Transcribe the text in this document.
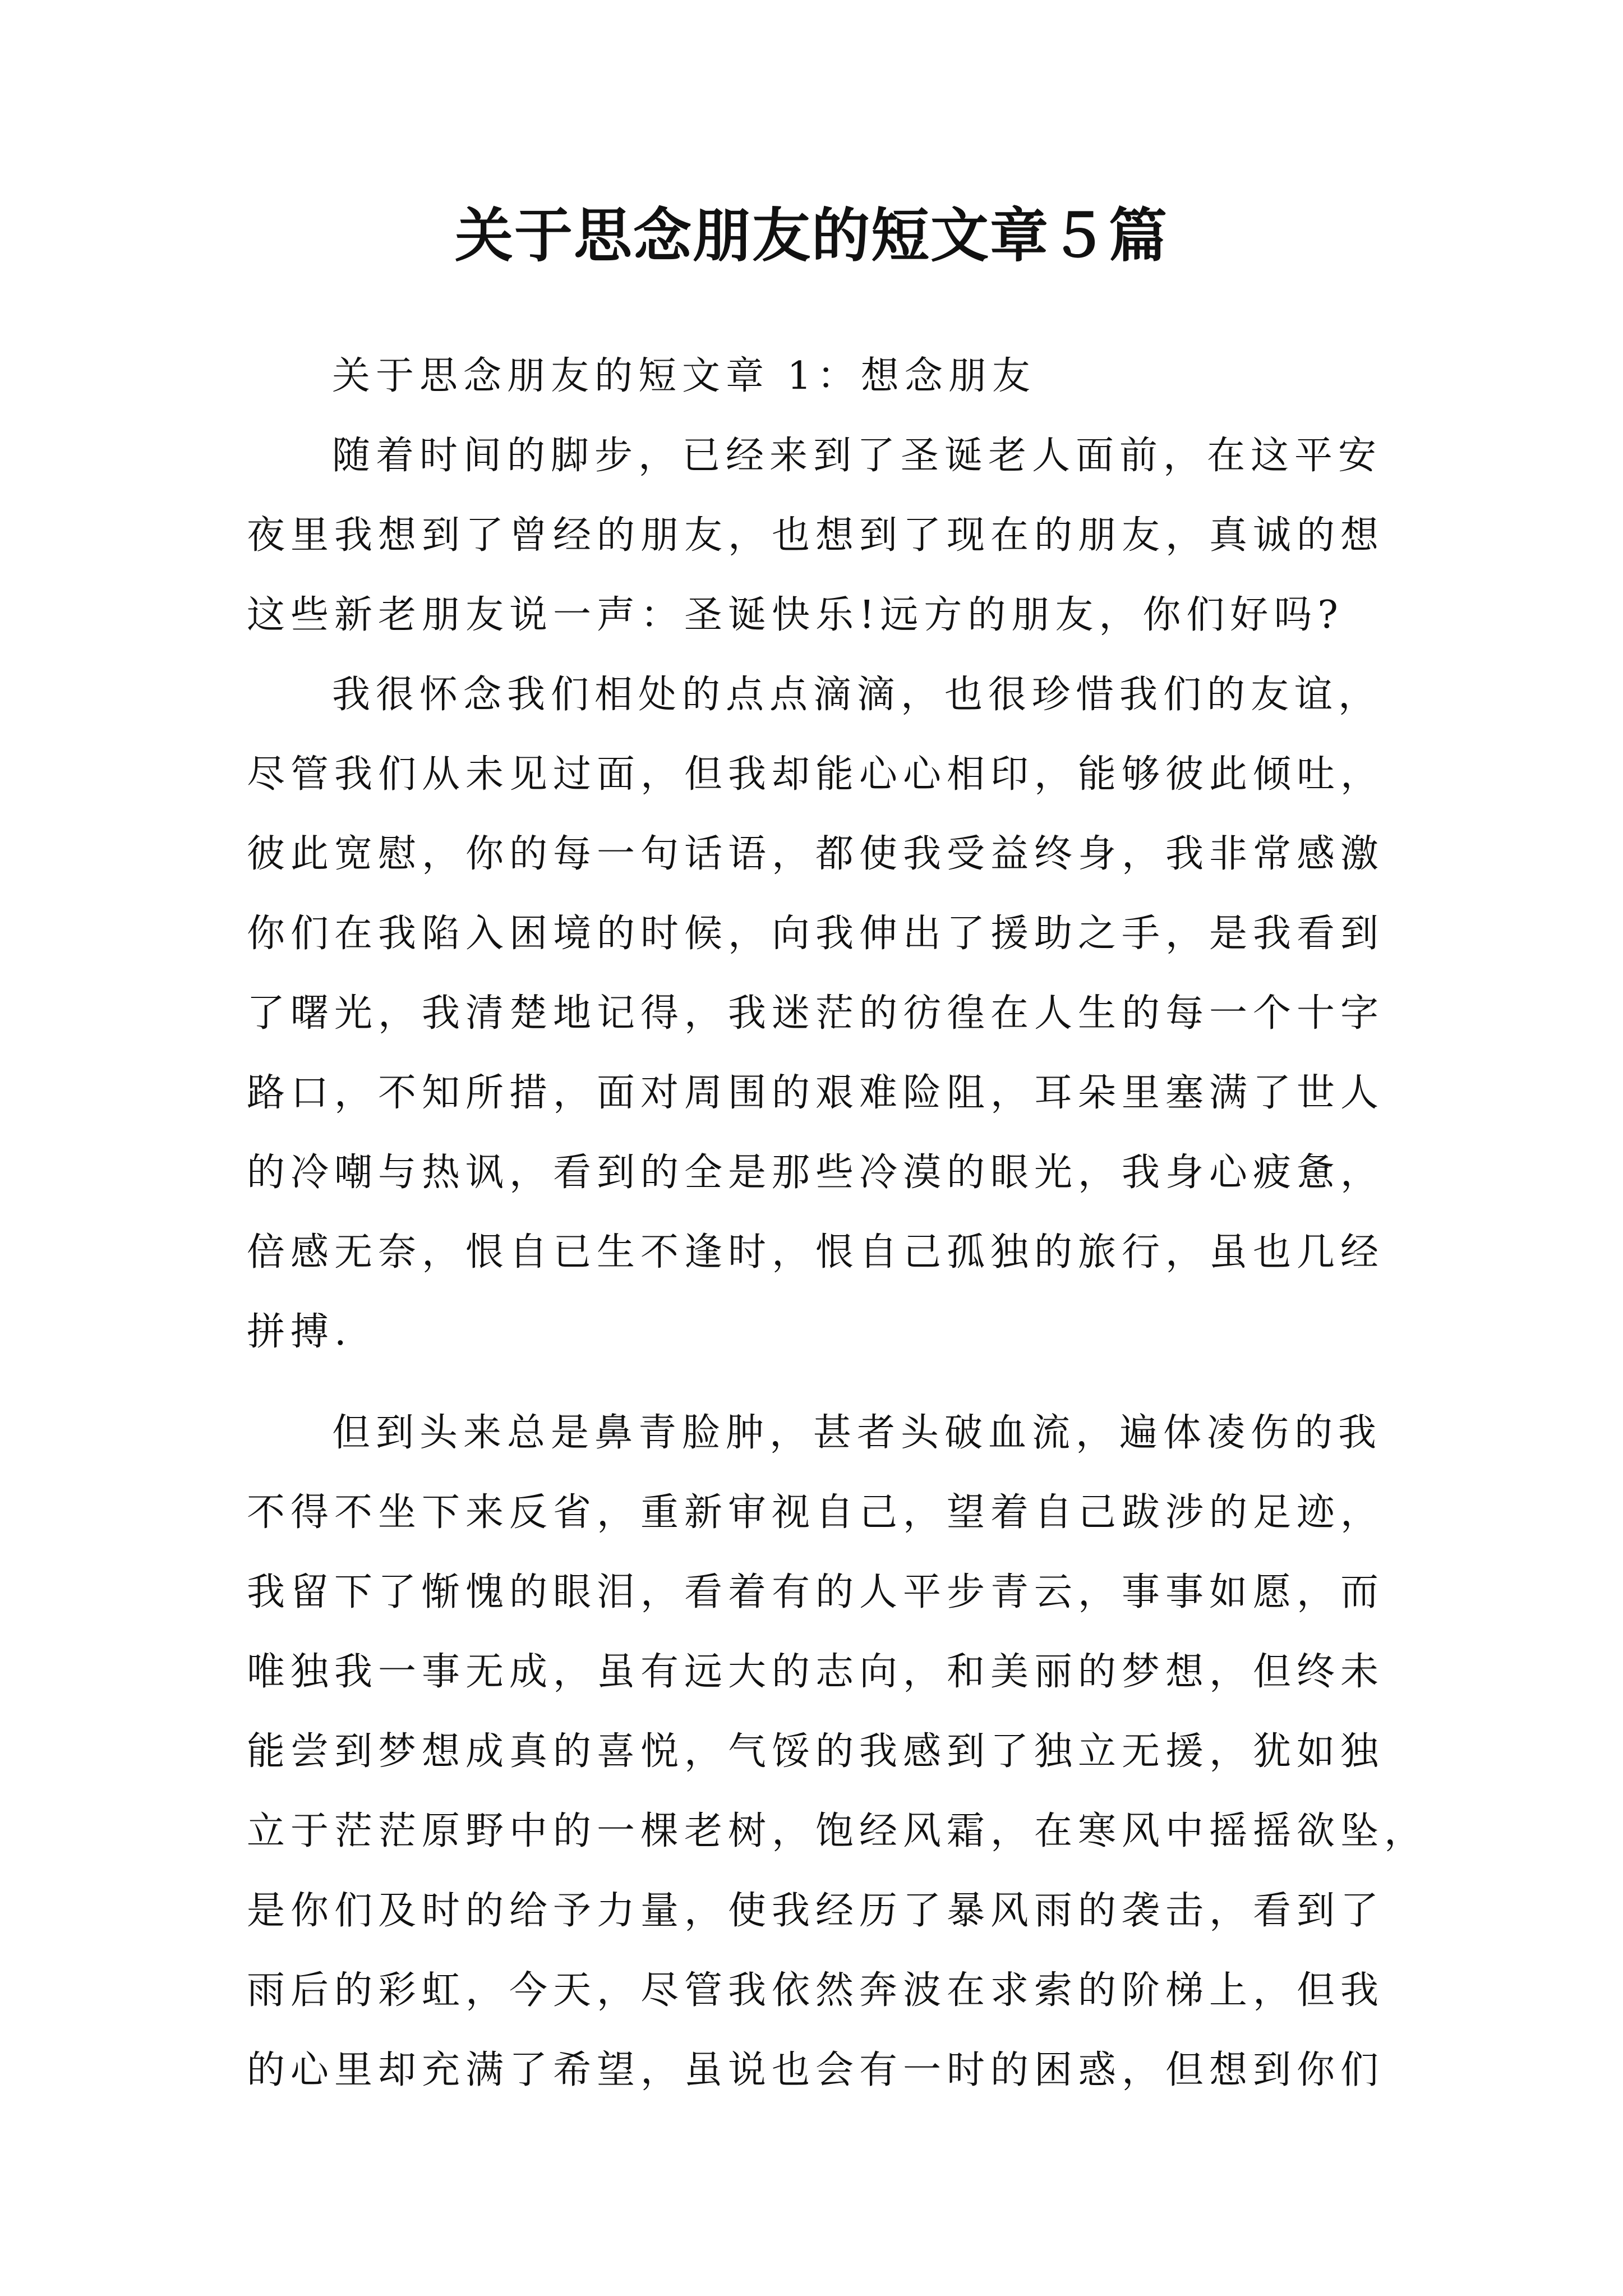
关于思念朋友的短文章５篇
关于思念朋友的短文章 1：想念朋友
随着时间的脚步，已经来到了圣诞老人面前，在这平安
夜里我想到了曾经的朋友，也想到了现在的朋友，真诚的想
这些新老朋友说一声：圣诞快乐!远方的朋友，你们好吗?
我很怀念我们相处的点点滴滴，也很珍惜我们的友谊，
尽管我们从未见过面，但我却能心心相印，能够彼此倾吐，
彼此宽慰，你的每一句话语，都使我受益终身，我非常感激
你们在我陷入困境的时候，向我伸出了援助之手，是我看到
了曙光，我清楚地记得，我迷茫的彷徨在人生的每一个十字
路口，不知所措，面对周围的艰难险阻，耳朵里塞满了世人
的冷嘲与热讽，看到的全是那些冷漠的眼光，我身心疲惫，
倍感无奈，恨自已生不逢时，恨自己孤独的旅行，虽也几经
拼搏.
但到头来总是鼻青脸肿，甚者头破血流，遍体凌伤的我
不得不坐下来反省，重新审视自己，望着自己跋涉的足迹，
我留下了惭愧的眼泪，看着有的人平步青云，事事如愿，而
唯独我一事无成，虽有远大的志向，和美丽的梦想，但终未
能尝到梦想成真的喜悦，气馁的我感到了独立无援，犹如独
立于茫茫原野中的一棵老树，饱经风霜，在寒风中摇摇欲坠，
是你们及时的给予力量，使我经历了暴风雨的袭击，看到了
雨后的彩虹，今天，尽管我依然奔波在求索的阶梯上，但我
的心里却充满了希望，虽说也会有一时的困惑，但想到你们
